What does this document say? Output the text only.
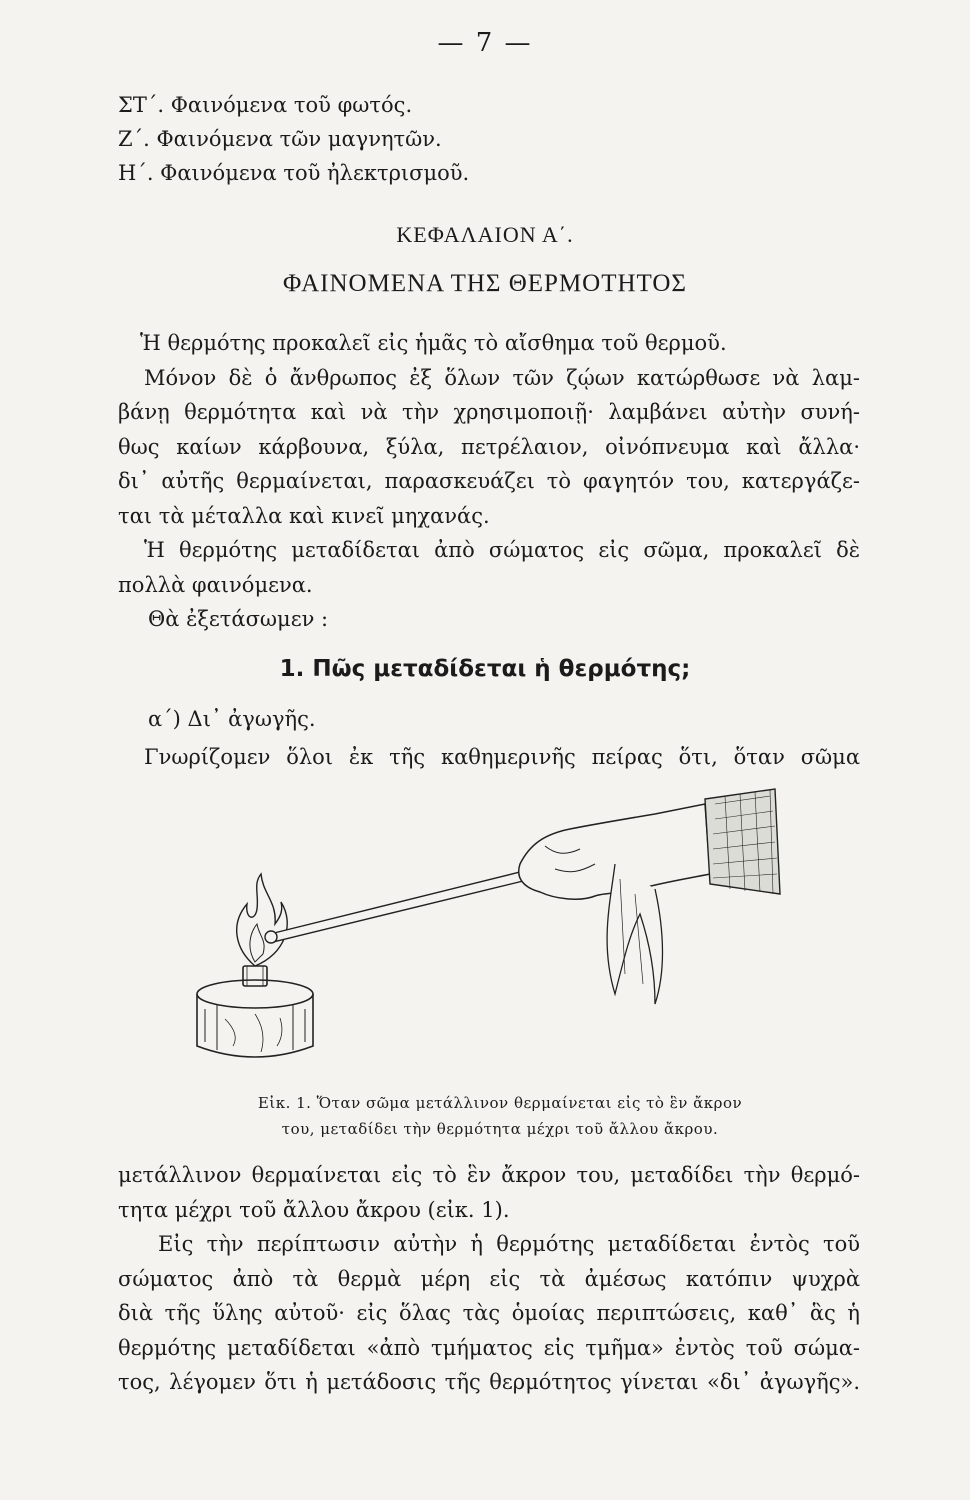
— 7 —
ΣΤ΄. Φαινόμενα τοῦ φωτός.
Ζ΄. Φαινόμενα τῶν μαγνητῶν.
Η΄. Φαινόμενα τοῦ ἠλεκτρισμοῦ.
ΚΕΦΑΛΑΙΟΝ Α΄.
ΦΑΙΝΟΜΕΝΑ ΤΗΣ ΘΕΡΜΟΤΗΤΟΣ
Ἡ θερμότης προκαλεῖ εἰς ἡμᾶς τὸ αἴσθημα τοῦ θερμοῦ.
Μόνον δὲ ὁ ἄνθρωπος ἐξ ὅλων τῶν ζῴων κατώρθωσε νὰ λαμ-
βάνῃ θερμότητα καὶ νὰ τὴν χρησιμοποιῇ· λαμβάνει αὐτὴν συνή-
θως καίων κάρβουνα, ξύλα, πετρέλαιον, οἰνόπνευμα καὶ ἄλλα·
δι᾽ αὐτῆς θερμαίνεται, παρασκευάζει τὸ φαγητόν του, κατεργάζε-
ται τὰ μέταλλα καὶ κινεῖ μηχανάς.
Ἡ θερμότης μεταδίδεται ἀπὸ σώματος εἰς σῶμα, προκαλεῖ δὲ
πολλὰ φαινόμενα.
Θὰ ἐξετάσωμεν :
1. Πῶς μεταδίδεται ἡ θερμότης;
α΄) Δι᾽ ἀγωγῆς.
Γνωρίζομεν ὅλοι ἐκ τῆς καθημερινῆς πείρας ὅτι, ὅταν σῶμα
Εἰκ. 1. Ὅταν σῶμα μετάλλινον θερμαίνεται εἰς τὸ ἓν ἄκρον
του, μεταδίδει τὴν θερμότητα μέχρι τοῦ ἄλλου ἄκρου.
μετάλλινον θερμαίνεται εἰς τὸ ἓν ἄκρον του, μεταδίδει τὴν θερμό-
τητα μέχρι τοῦ ἄλλου ἄκρου (εἰκ. 1).
Εἰς τὴν περίπτωσιν αὐτὴν ἡ θερμότης μεταδίδεται ἐντὸς τοῦ
σώματος ἀπὸ τὰ θερμὰ μέρη εἰς τὰ ἀμέσως κατόπιν ψυχρὰ
διὰ τῆς ὕλης αὐτοῦ· εἰς ὅλας τὰς ὁμοίας περιπτώσεις, καθ᾽ ἃς ἡ
θερμότης μεταδίδεται «ἀπὸ τμήματος εἰς τμῆμα» ἐντὸς τοῦ σώμα-
τος, λέγομεν ὅτι ἡ μετάδοσις τῆς θερμότητος γίνεται «δι᾽ ἀγωγῆς».
